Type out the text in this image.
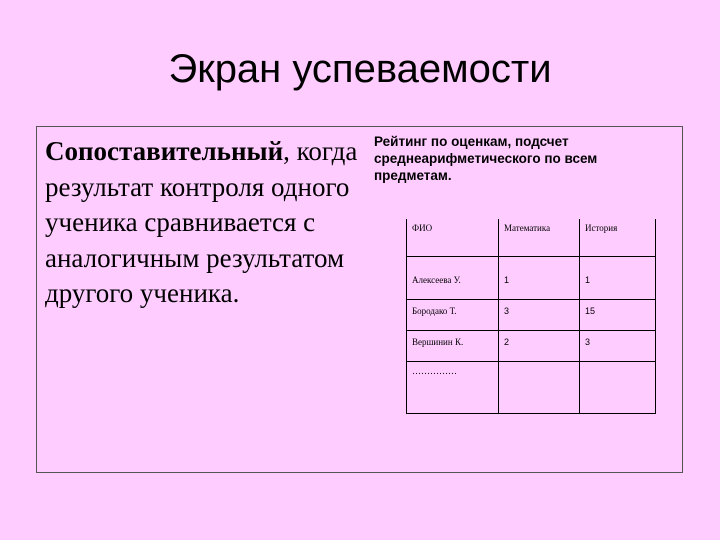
Экран успеваемости
Сопоставительный, когда результат контроля одного ученика сравнивается с аналогичным результатом другого ученика.
Рейтинг по оценкам, подсчет среднеарифметического по всем предметам.
ФИО	Математика	История
Алексеева У.	1	1
Бородако Т.	3	15
Вершинин К.	2	3
……………		
